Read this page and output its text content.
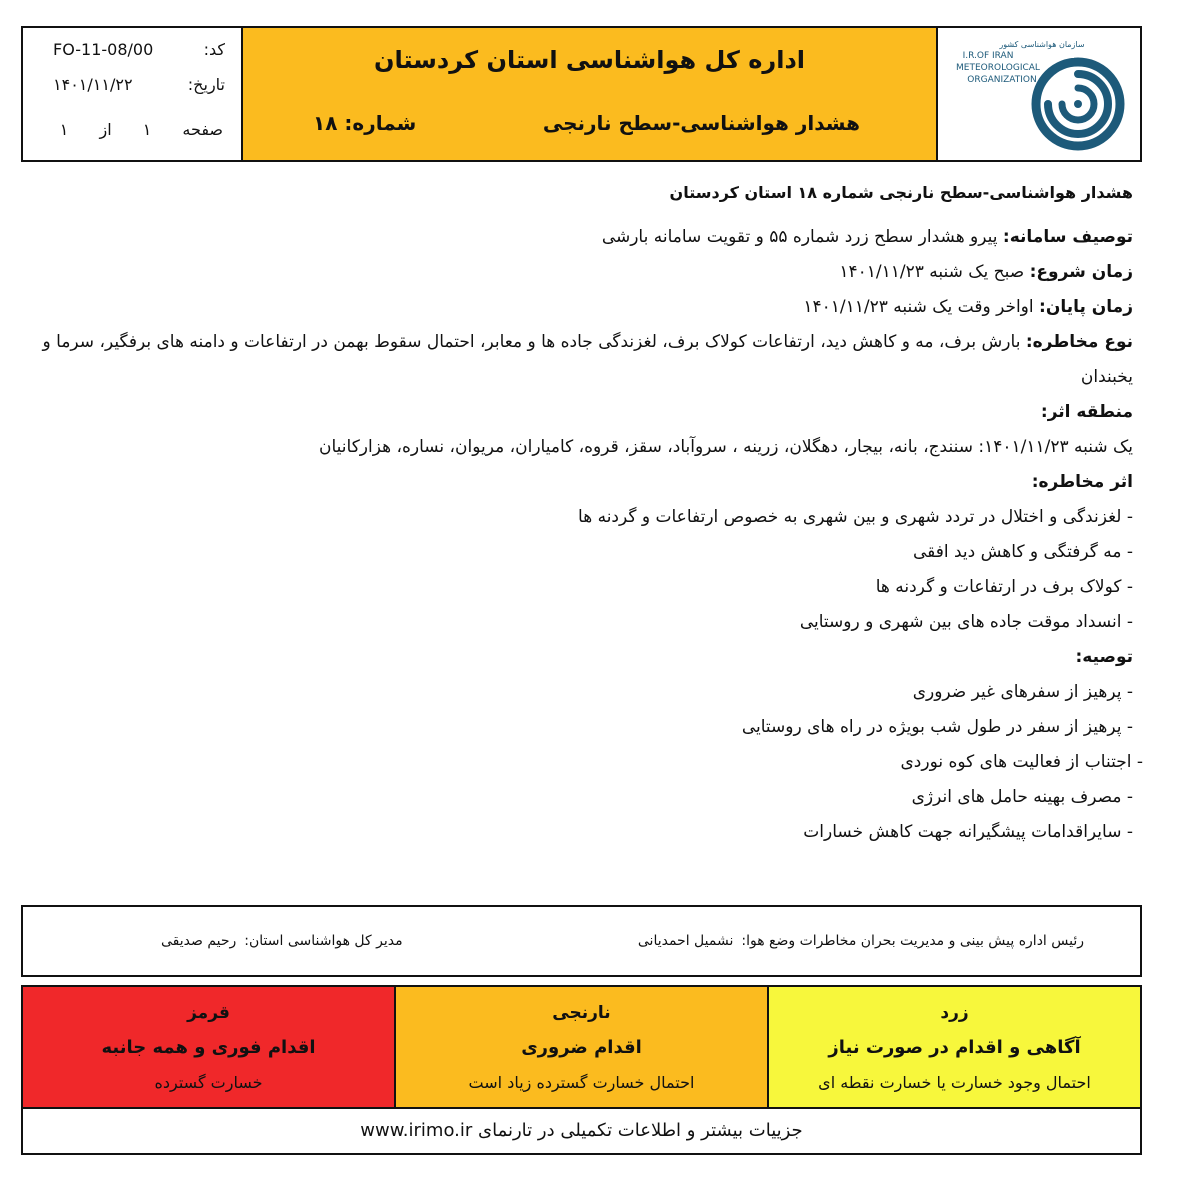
کد:
FO-11-08/00
تاریخ:
۱۴۰۱/۱۱/۲۲
صفحه ۱ از ۱
اداره کل هواشناسی استان کردستان
شماره: ۱۸	هشدار هواشناسی-سطح نارنجی
سازمان هواشناسی کشور
I.R.OF IRAN
METEOROLOGICAL
ORGANIZATION

هشدار هواشناسی-سطح نارنجی شماره ۱۸ استان کردستان

توصیف سامانه: پیرو هشدار سطح زرد شماره ۵۵ و تقویت سامانه بارشی

زمان شروع: صبح یک شنبه ۱۴۰۱/۱۱/۲۳

زمان پایان: اواخر وقت یک شنبه ۱۴۰۱/۱۱/۲۳

نوع مخاطره: بارش برف، مه و کاهش دید، ارتفاعات کولاک برف، لغزندگی جاده ها و معابر، احتمال سقوط بهمن در ارتفاعات و دامنه های برفگیر، سرما و یخبندان

منطقه اثر:

یک شنبه ۱۴۰۱/۱۱/۲۳: سنندج، بانه، بیجار، دهگلان، زرینه ، سروآباد، سقز، قروه، کامیاران، مریوان، نساره، هزارکانیان

اثر مخاطره:

- لغزندگی و اختلال در تردد شهری و بین شهری به خصوص ارتفاعات و گردنه ها

- مه گرفتگی و کاهش دید افقی

- کولاک برف در ارتفاعات و گردنه ها

- انسداد موقت جاده های بین شهری و روستایی

توصیه:

- پرهیز از سفرهای غیر ضروری

- پرهیز از سفر در طول شب بویژه در راه های روستایی

- اجتناب از فعالیت های کوه نوردی

- مصرف بهینه حامل های انرژی

- سایراقدامات پیشگیرانه جهت کاهش خسارات

رئیس اداره پیش بینی و مدیریت بحران مخاطرات وضع هوا:نشمیل احمدیانی
مدیر کل هواشناسی استان:رحیم صدیقی
قرمز
اقدام فوری و همه جانبه
خسارت گسترده
نارنجی
اقدام ضروری
احتمال خسارت گسترده زیاد است
زرد
آگاهی و اقدام در صورت نیاز
احتمال وجود خسارت یا خسارت نقطه ای
جزییات بیشتر و اطلاعات تکمیلی در تارنمای www.irimo.ir
